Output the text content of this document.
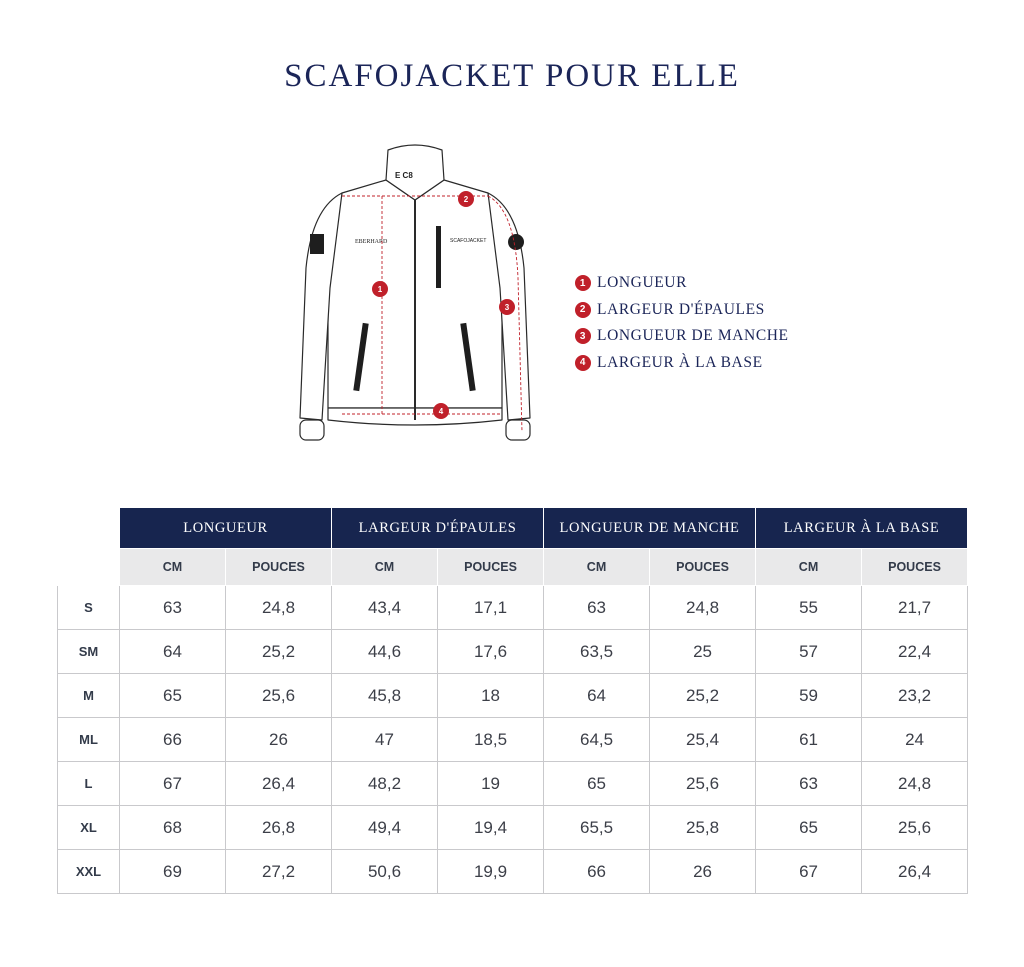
SCAFOJACKET POUR ELLE
E C8
EBERHARD	SCAFOJACKET
1
2
3
4
1 LONGUEUR
2 LARGEUR D'ÉPAULES
3 LONGUEUR DE MANCHE
4 LARGEUR À LA BASE
	LONGUEUR		LARGEUR D'ÉPAULES		LONGUEUR DE MANCHE		LARGEUR À LA BASE	
	CM	POUCES	CM	POUCES	CM	POUCES	CM	POUCES
S	63	24,8	43,4	17,1	63	24,8	55	21,7
SM	64	25,2	44,6	17,6	63,5	25	57	22,4
M	65	25,6	45,8	18	64	25,2	59	23,2
ML	66	26	47	18,5	64,5	25,4	61	24
L	67	26,4	48,2	19	65	25,6	63	24,8
XL	68	26,8	49,4	19,4	65,5	25,8	65	25,6
XXL	69	27,2	50,6	19,9	66	26	67	26,4
